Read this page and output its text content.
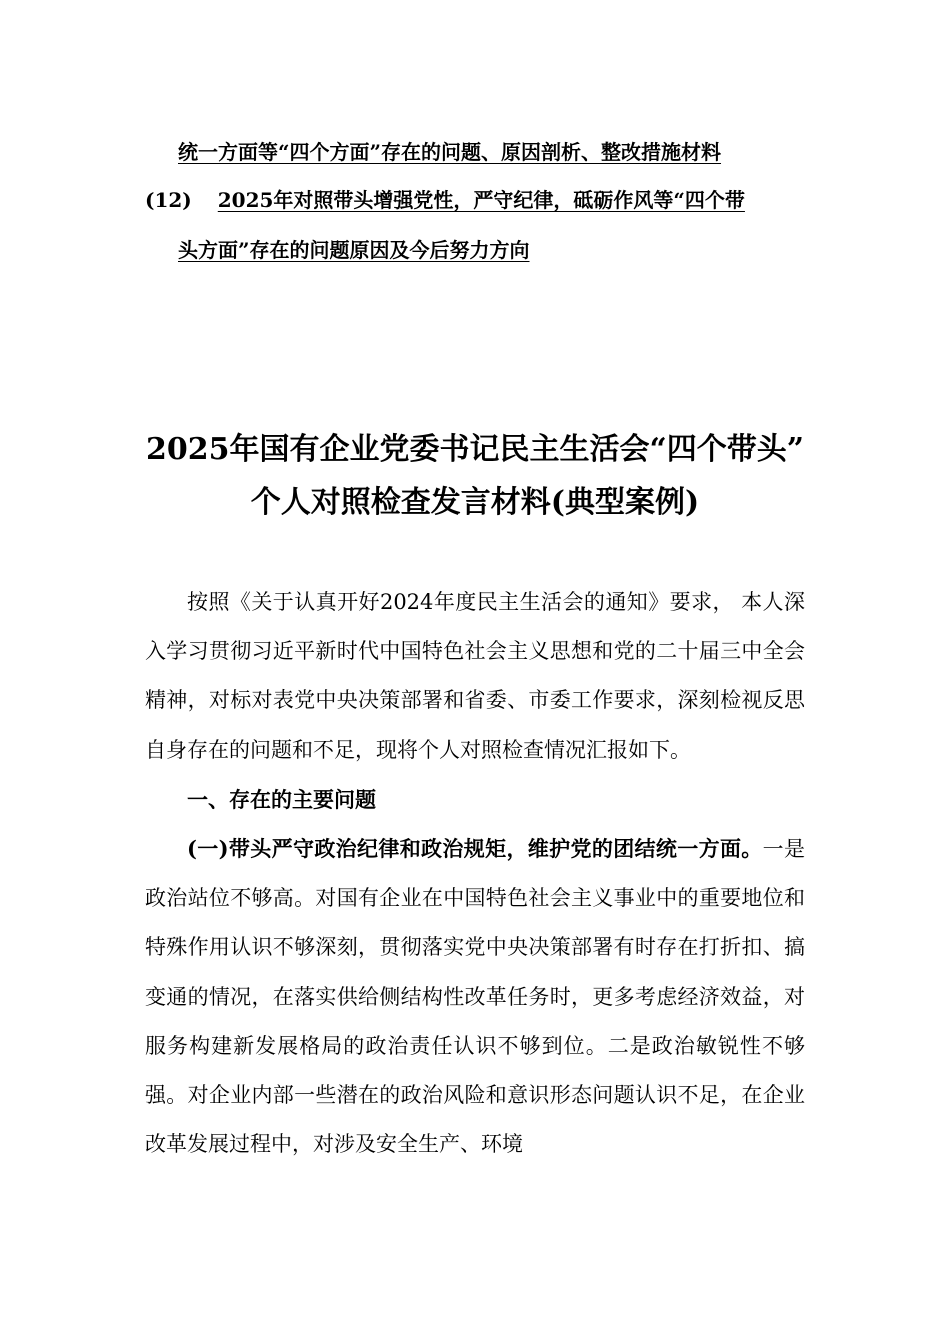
统一方面等“四个方面”存在的问题、原因剖析、整改措施材料
(12) 2025年对照带头增强党性，严守纪律，砥砺作风等“四个带
头方面”存在的问题原因及今后努力方向
2025年国有企业党委书记民主生活会“四个带头”
个人对照检查发言材料(典型案例)

按照《关于认真开好2024年度民主生活会的通知》要求， 本人深入学习贯彻习近平新时代中国特色社会主义思想和党的二十届三中全会精神，对标对表党中央决策部署和省委、市委工作要求，深刻检视反思自身存在的问题和不足，现将个人对照检查情况汇报如下。

一、存在的主要问题

(一)带头严守政治纪律和政治规矩，维护党的团结统一方面。一是政治站位不够高。对国有企业在中国特色社会主义事业中的重要地位和特殊作用认识不够深刻，贯彻落实党中央决策部署有时存在打折扣、搞变通的情况，在落实供给侧结构性改革任务时，更多考虑经济效益，对服务构建新发展格局的政治责任认识不够到位。二是政治敏锐性不够强。对企业内部一些潜在的政治风险和意识形态问题认识不足，在企业改革发展过程中，对涉及安全生产、环境
